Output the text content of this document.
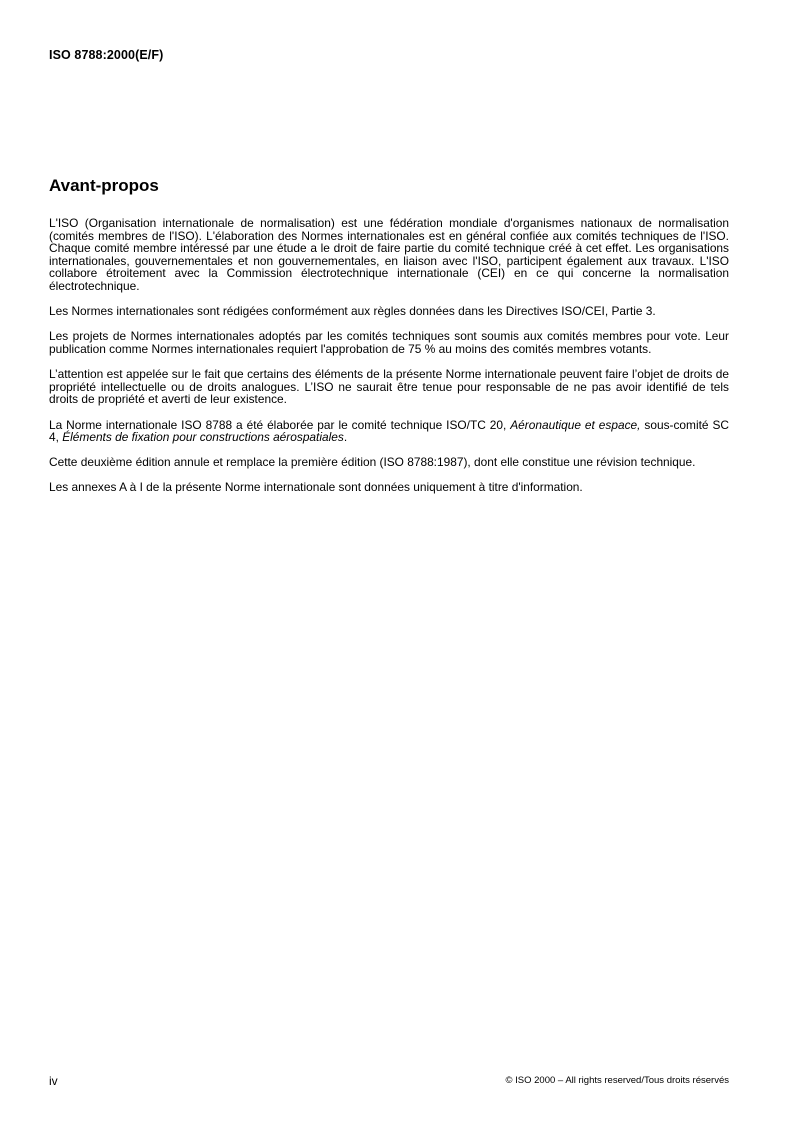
ISO 8788:2000(E/F)
Avant-propos

L'ISO (Organisation internationale de normalisation) est une fédération mondiale d'organismes nationaux de normalisation (comités membres de l'ISO). L'élaboration des Normes internationales est en général confiée aux comités techniques de l'ISO. Chaque comité membre intéressé par une étude a le droit de faire partie du comité technique créé à cet effet. Les organisations internationales, gouvernementales et non gouvernementales, en liaison avec l'ISO, participent également aux travaux. L'ISO collabore étroitement avec la Commission électrotechnique internationale (CEI) en ce qui concerne la normalisation électrotechnique.

Les Normes internationales sont rédigées conformément aux règles données dans les Directives ISO/CEI, Partie 3.

Les projets de Normes internationales adoptés par les comités techniques sont soumis aux comités membres pour vote. Leur publication comme Normes internationales requiert l'approbation de 75 % au moins des comités membres votants.

L’attention est appelée sur le fait que certains des éléments de la présente Norme internationale peuvent faire l’objet de droits de propriété intellectuelle ou de droits analogues. L’ISO ne saurait être tenue pour responsable de ne pas avoir identifié de tels droits de propriété et averti de leur existence.

La Norme internationale ISO 8788 a été élaborée par le comité technique ISO/TC 20, Aéronautique et espace, sous-comité SC 4, Éléments de fixation pour constructions aérospatiales.

Cette deuxième édition annule et remplace la première édition (ISO 8788:1987), dont elle constitue une révision technique.

Les annexes A à I de la présente Norme internationale sont données uniquement à titre d'information.

iv	© ISO 2000 – All rights reserved/Tous droits réservés
